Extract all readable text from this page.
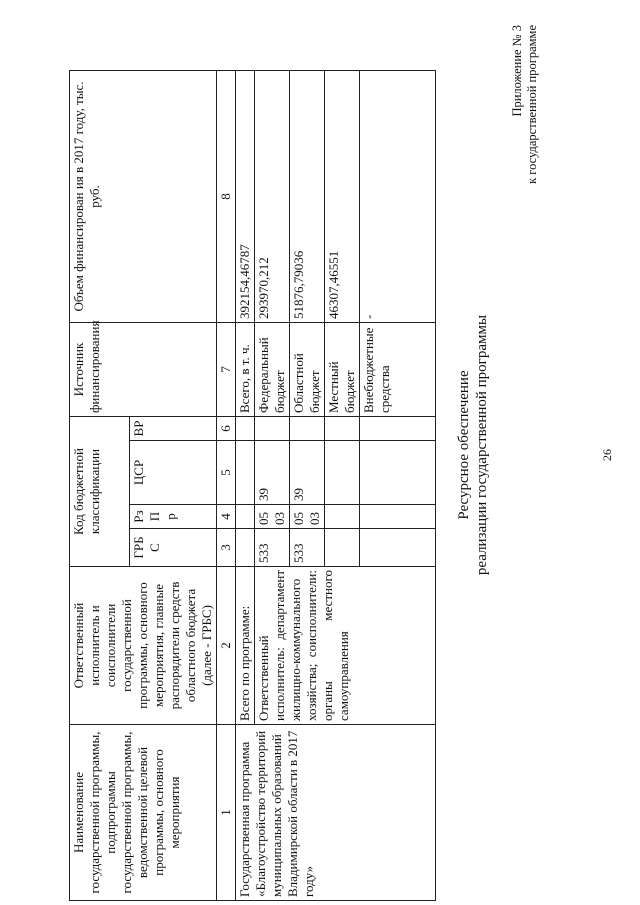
26
Приложение № 3 к государственной программе
Ресурсное обеспечение реализации государственной программы
Наименование государственной программы, подпрограммы государственной программы, ведомственной целевой программы, основного мероприятия	Ответственный исполнитель и соисполнители государственной программы, основного мероприятия, главные распорядители средств областного бюджета (далее - ГРБС)	Код бюджетной классификации				Источник финансирования	Объем финансирован ия в 2017 году, тыс. руб.
		ГРБ С	Рз П р	ЦСР	ВР		
1	2	3	4	5	6	7	8
Государственная программа «Благоустройство территорий муниципальных образований Владимирской области в 2017 году»	Всего по программе:					Всего, в т. ч.	392154,46787
	Ответственный исполнитель: департамент жилищно-коммунального хозяйства; соисполнители: органы местного самоуправления	533	05 03	39		Федеральный бюджет	293970,212
		533	05 03	39		Областной бюджет	51876,79036
						Местный бюджет	46307,46551
						Внебюджетные средства	-
